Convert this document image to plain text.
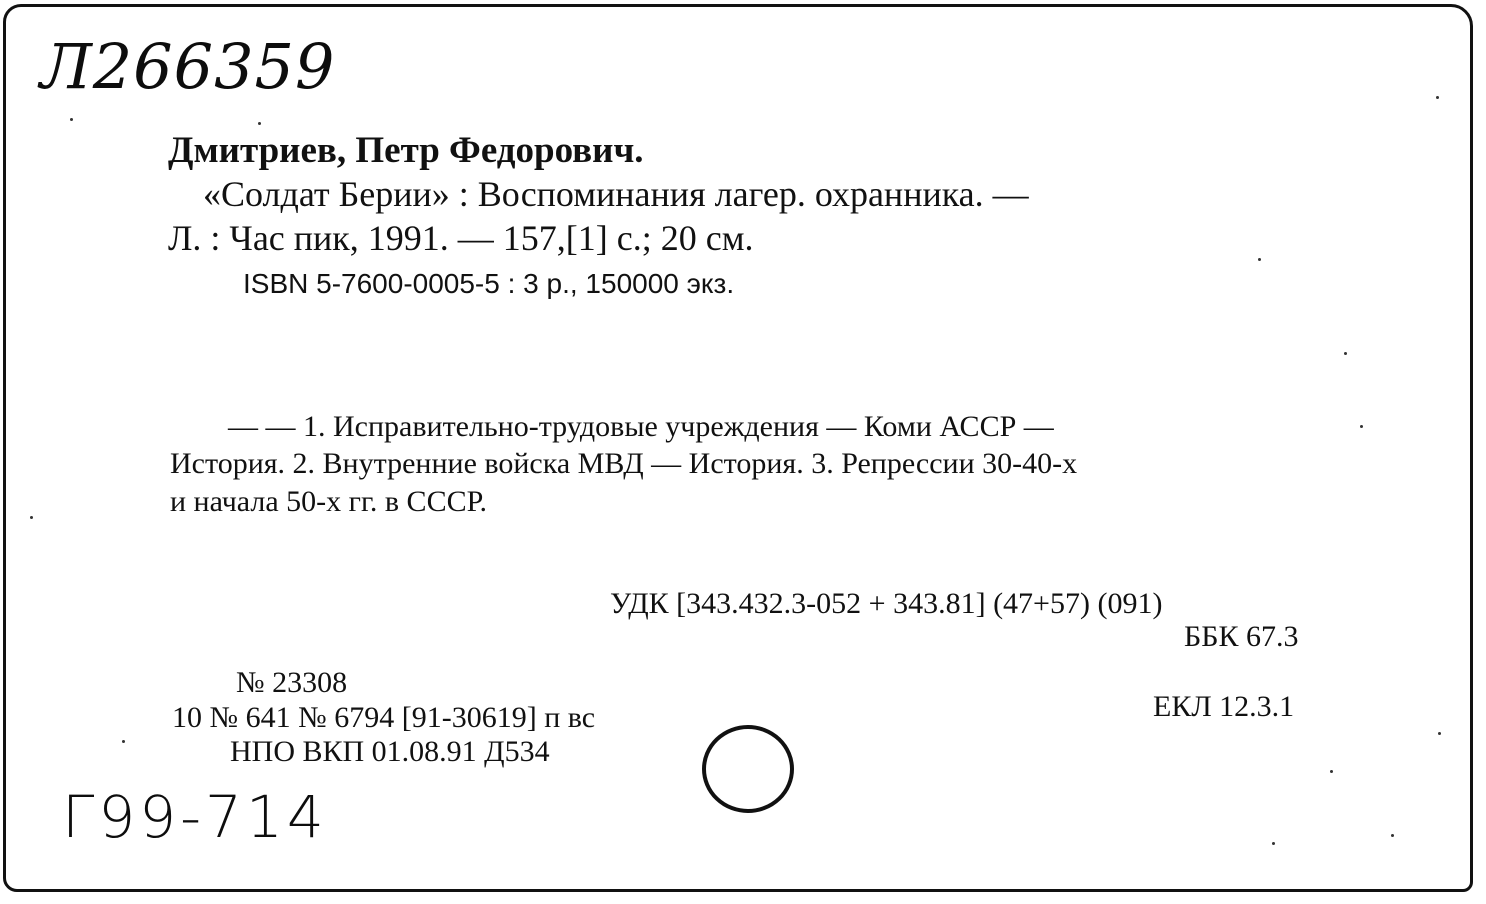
Л266359
Дмитриев, Петр Федорович.
«Солдат Берии» : Воспоминания лагер. охранника. —
Л. : Час пик, 1991. — 157,[1] с.; 20 см.
ISBN 5-7600-0005-5 : 3 р., 150000 экз.
— — 1. Исправительно-трудовые учреждения — Коми АССР —
История. 2. Внутренние войска МВД — История. 3. Репрессии 30-40-х
и начала 50-х гг. в СССР.
УДК [343.432.3-052 + 343.81] (47+57) (091)
ББК 67.3
ЕКЛ 12.3.1
№ 23308
10 № 641 № 6794 [91-30619] п вс
НПО ВКП 01.08.91 Д534
Г99-714
